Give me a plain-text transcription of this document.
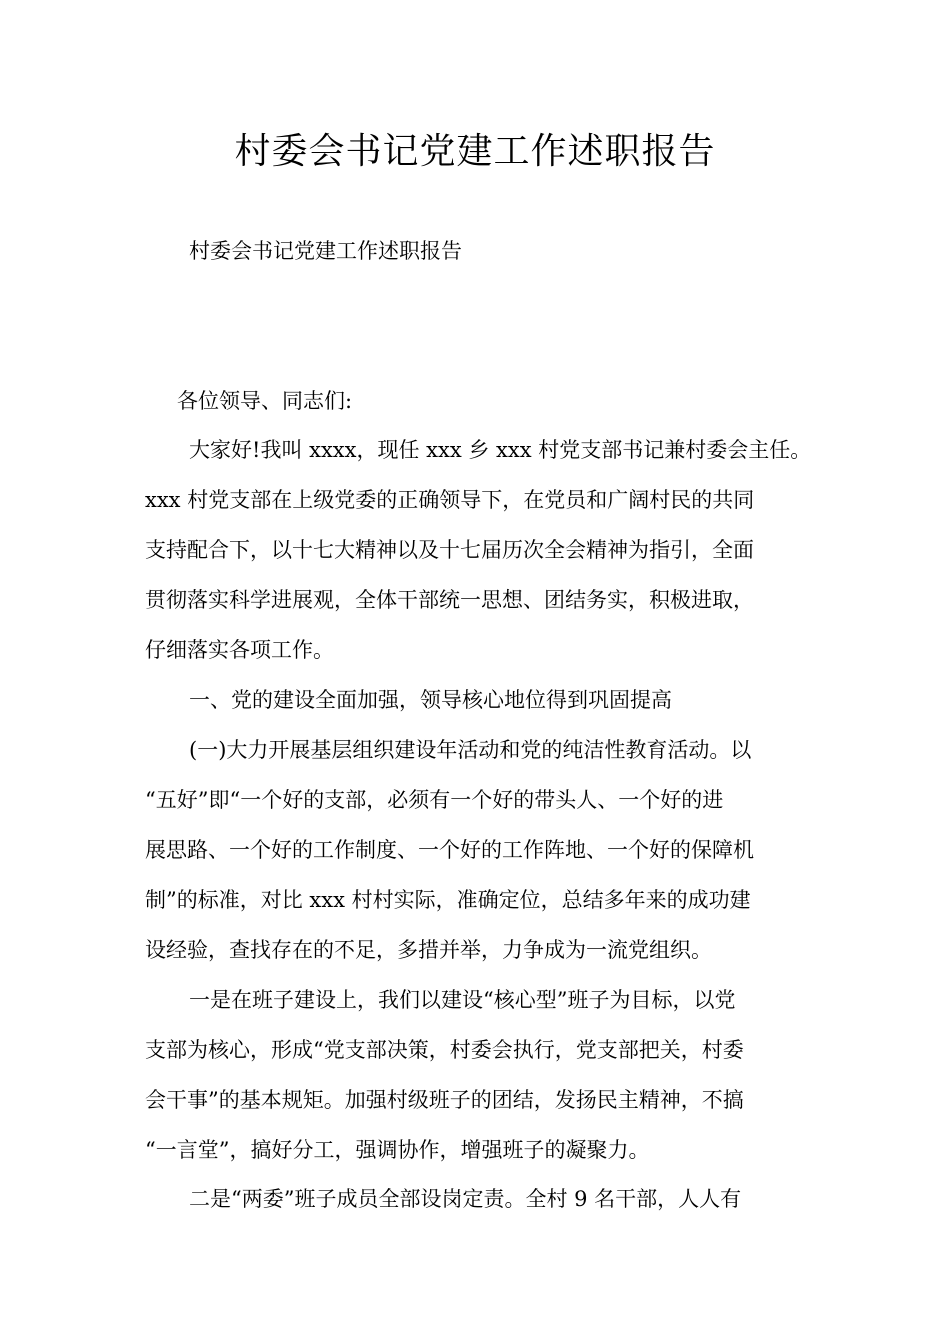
村委会书记党建工作述职报告
村委会书记党建工作述职报告
各位领导、同志们:
大家好!我叫 xxxx，现任 xxx 乡 xxx 村党支部书记兼村委会主任。
xxx 村党支部在上级党委的正确领导下，在党员和广阔村民的共同
支持配合下，以十七大精神以及十七届历次全会精神为指引，全面
贯彻落实科学进展观，全体干部统一思想、团结务实，积极进取，
仔细落实各项工作。
一、党的建设全面加强，领导核心地位得到巩固提高
(一)大力开展基层组织建设年活动和党的纯洁性教育活动。以
“五好”即“一个好的支部，必须有一个好的带头人、一个好的进
展思路、一个好的工作制度、一个好的工作阵地、一个好的保障机
制”的标准，对比 xxx 村村实际，准确定位，总结多年来的成功建
设经验，查找存在的不足，多措并举，力争成为一流党组织。
一是在班子建设上，我们以建设“核心型”班子为目标，以党
支部为核心，形成“党支部决策，村委会执行，党支部把关，村委
会干事”的基本规矩。加强村级班子的团结，发扬民主精神，不搞
“一言堂”，搞好分工，强调协作，增强班子的凝聚力。
二是“两委”班子成员全部设岗定责。全村 9 名干部，人人有
